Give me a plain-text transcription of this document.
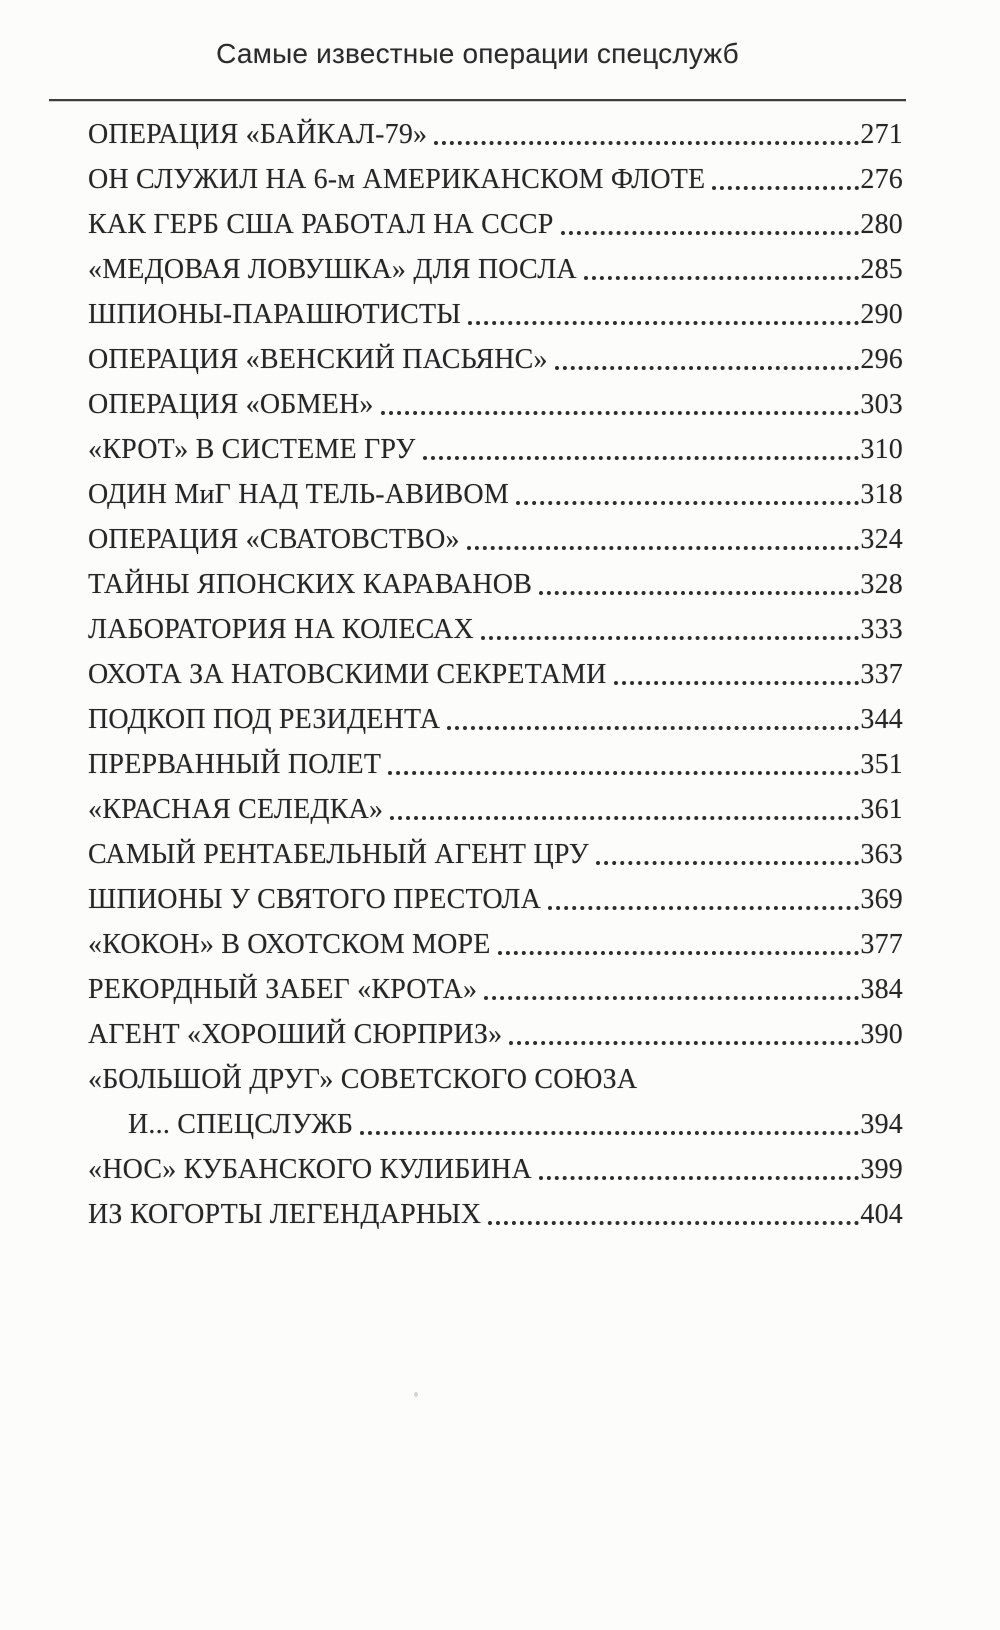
Самые известные операции спецслужб
ОПЕРАЦИЯ «БАЙКАЛ-79»	271
ОН СЛУЖИЛ НА 6-м АМЕРИКАНСКОМ ФЛОТЕ	276
КАК ГЕРБ США РАБОТАЛ НА СССР	280
«МЕДОВАЯ ЛОВУШКА» ДЛЯ ПОСЛА	285
ШПИОНЫ-ПАРАШЮТИСТЫ	290
ОПЕРАЦИЯ «ВЕНСКИЙ ПАСЬЯНС»	296
ОПЕРАЦИЯ «ОБМЕН»	303
«КРОТ» В СИСТЕМЕ ГРУ	310
ОДИН МиГ НАД ТЕЛЬ-АВИВОМ	318
ОПЕРАЦИЯ «СВАТОВСТВО»	324
ТАЙНЫ ЯПОНСКИХ КАРАВАНОВ	328
ЛАБОРАТОРИЯ НА КОЛЕСАХ	333
ОХОТА ЗА НАТОВСКИМИ СЕКРЕТАМИ	337
ПОДКОП ПОД РЕЗИДЕНТА	344
ПРЕРВАННЫЙ ПОЛЕТ	351
«КРАСНАЯ СЕЛЕДКА»	361
САМЫЙ РЕНТАБЕЛЬНЫЙ АГЕНТ ЦРУ	363
ШПИОНЫ У СВЯТОГО ПРЕСТОЛА	369
«КОКОН» В ОХОТСКОМ МОРЕ	377
РЕКОРДНЫЙ ЗАБЕГ «КРОТА»	384
АГЕНТ «ХОРОШИЙ СЮРПРИЗ»	390
«БОЛЬШОЙ ДРУГ» СОВЕТСКОГО СОЮЗА
И... СПЕЦСЛУЖБ	394
«НОС» КУБАНСКОГО КУЛИБИНА	399
ИЗ КОГОРТЫ ЛЕГЕНДАРНЫХ	404
